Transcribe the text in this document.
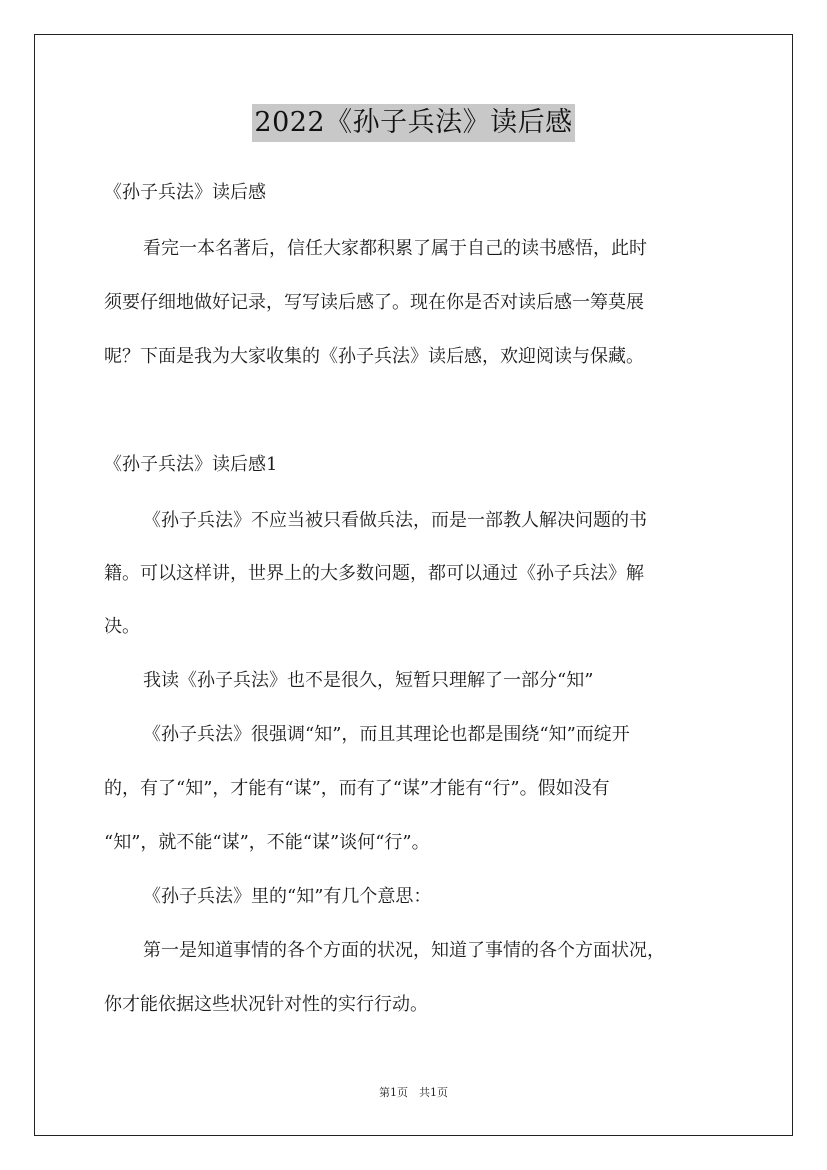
2022《孙子兵法》读后感
《孙子兵法》读后感
看完一本名著后，信任大家都积累了属于自己的读书感悟，此时
须要仔细地做好记录，写写读后感了。现在你是否对读后感一筹莫展
呢？下面是我为大家收集的《孙子兵法》读后感，欢迎阅读与保藏。
《孙子兵法》读后感1
《孙子兵法》不应当被只看做兵法，而是一部教人解决问题的书
籍。可以这样讲，世界上的大多数问题，都可以通过《孙子兵法》解
决。
我读《孙子兵法》也不是很久，短暂只理解了一部分“知”
《孙子兵法》很强调“知”，而且其理论也都是围绕“知”而绽开
的，有了“知”，才能有“谋”，而有了“谋”才能有“行”。假如没有
“知”，就不能“谋”，不能“谋”谈何“行”。
《孙子兵法》里的“知”有几个意思：
第一是知道事情的各个方面的状况，知道了事情的各个方面状况，
你才能依据这些状况针对性的实行行动。
第1页　共1页
